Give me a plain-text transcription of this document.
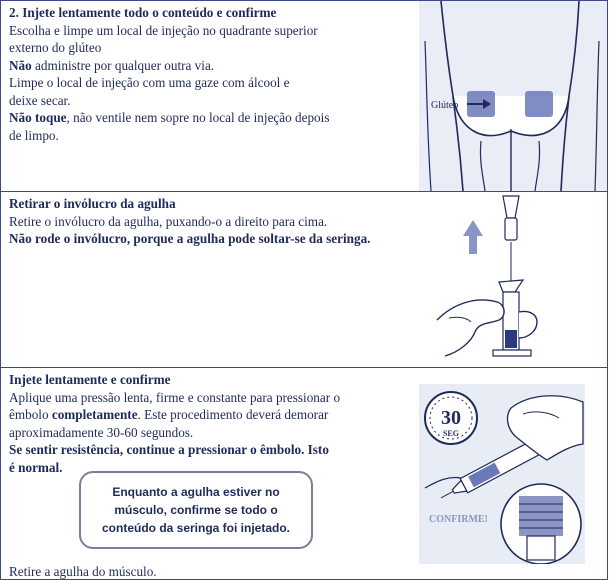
2. Injete lentamente todo o conteúdo e confirme

Escolha e limpe um local de injeção no quadrante superior

externo do glúteo

Não administre por qualquer outra via.

Limpe o local de injeção com uma gaze com álcool e

deixe secar.

Não toque, não ventile nem sopre no local de injeção depois

de limpo.

Glúteo

Retirar o invólucro da agulha

Retire o invólucro da agulha, puxando-o a direito para cima.

Não rode o invólucro, porque a agulha pode soltar-se da seringa.

Injete lentamente e confirme

Aplique uma pressão lenta, firme e constante para pressionar o

êmbolo completamente. Este procedimento deverá demorar

aproximadamente 30-60 segundos.

Se sentir resistência, continue a pressionar o êmbolo. Isto

é normal.

Enquanto a agulha estiver no músculo, confirme se todo o conteúdo da seringa foi injetado.
Retire a agulha do músculo.
30
SEG
CONFIRME!
